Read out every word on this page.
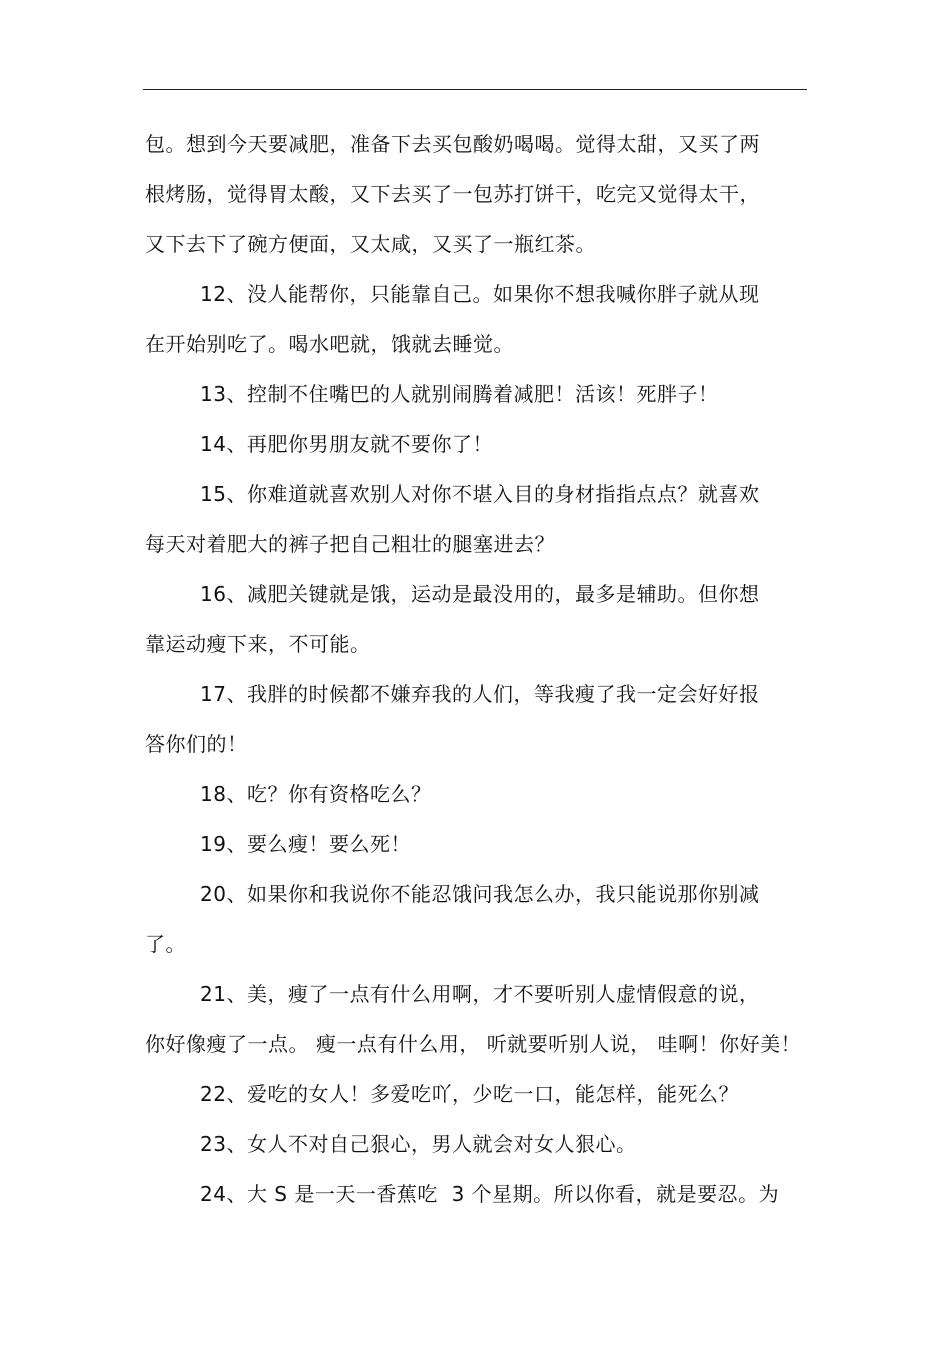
包。想到今天要减肥，准备下去买包酸奶喝喝。觉得太甜，又买了两
根烤肠，觉得胃太酸，又下去买了一包苏打饼干，吃完又觉得太干，
又下去下了碗方便面，又太咸，又买了一瓶红茶。
12、没人能帮你，只能靠自己。如果你不想我喊你胖子就从现
在开始别吃了。喝水吧就，饿就去睡觉。
13、控制不住嘴巴的人就别闹腾着减肥！活该！死胖子！
14、再肥你男朋友就不要你了！
15、你难道就喜欢别人对你不堪入目的身材指指点点？就喜欢
每天对着肥大的裤子把自己粗壮的腿塞进去？
16、减肥关键就是饿，运动是最没用的，最多是辅助。但你想
靠运动瘦下来，不可能。
17、我胖的时候都不嫌弃我的人们，等我瘦了我一定会好好报
答你们的！
18、吃？你有资格吃么？
19、要么瘦！要么死！
20、如果你和我说你不能忍饿问我怎么办，我只能说那你别减
了。
21、美，瘦了一点有什么用啊，才不要听别人虚情假意的说，
你好像瘦了一点。 瘦一点有什么用， 听就要听别人说， 哇啊！你好美！
22、爱吃的女人！多爱吃吖，少吃一口，能怎样，能死么？
23、女人不对自己狠心，男人就会对女人狠心。
24、大 S 是一天一香蕉吃  3 个星期。所以你看，就是要忍。为
